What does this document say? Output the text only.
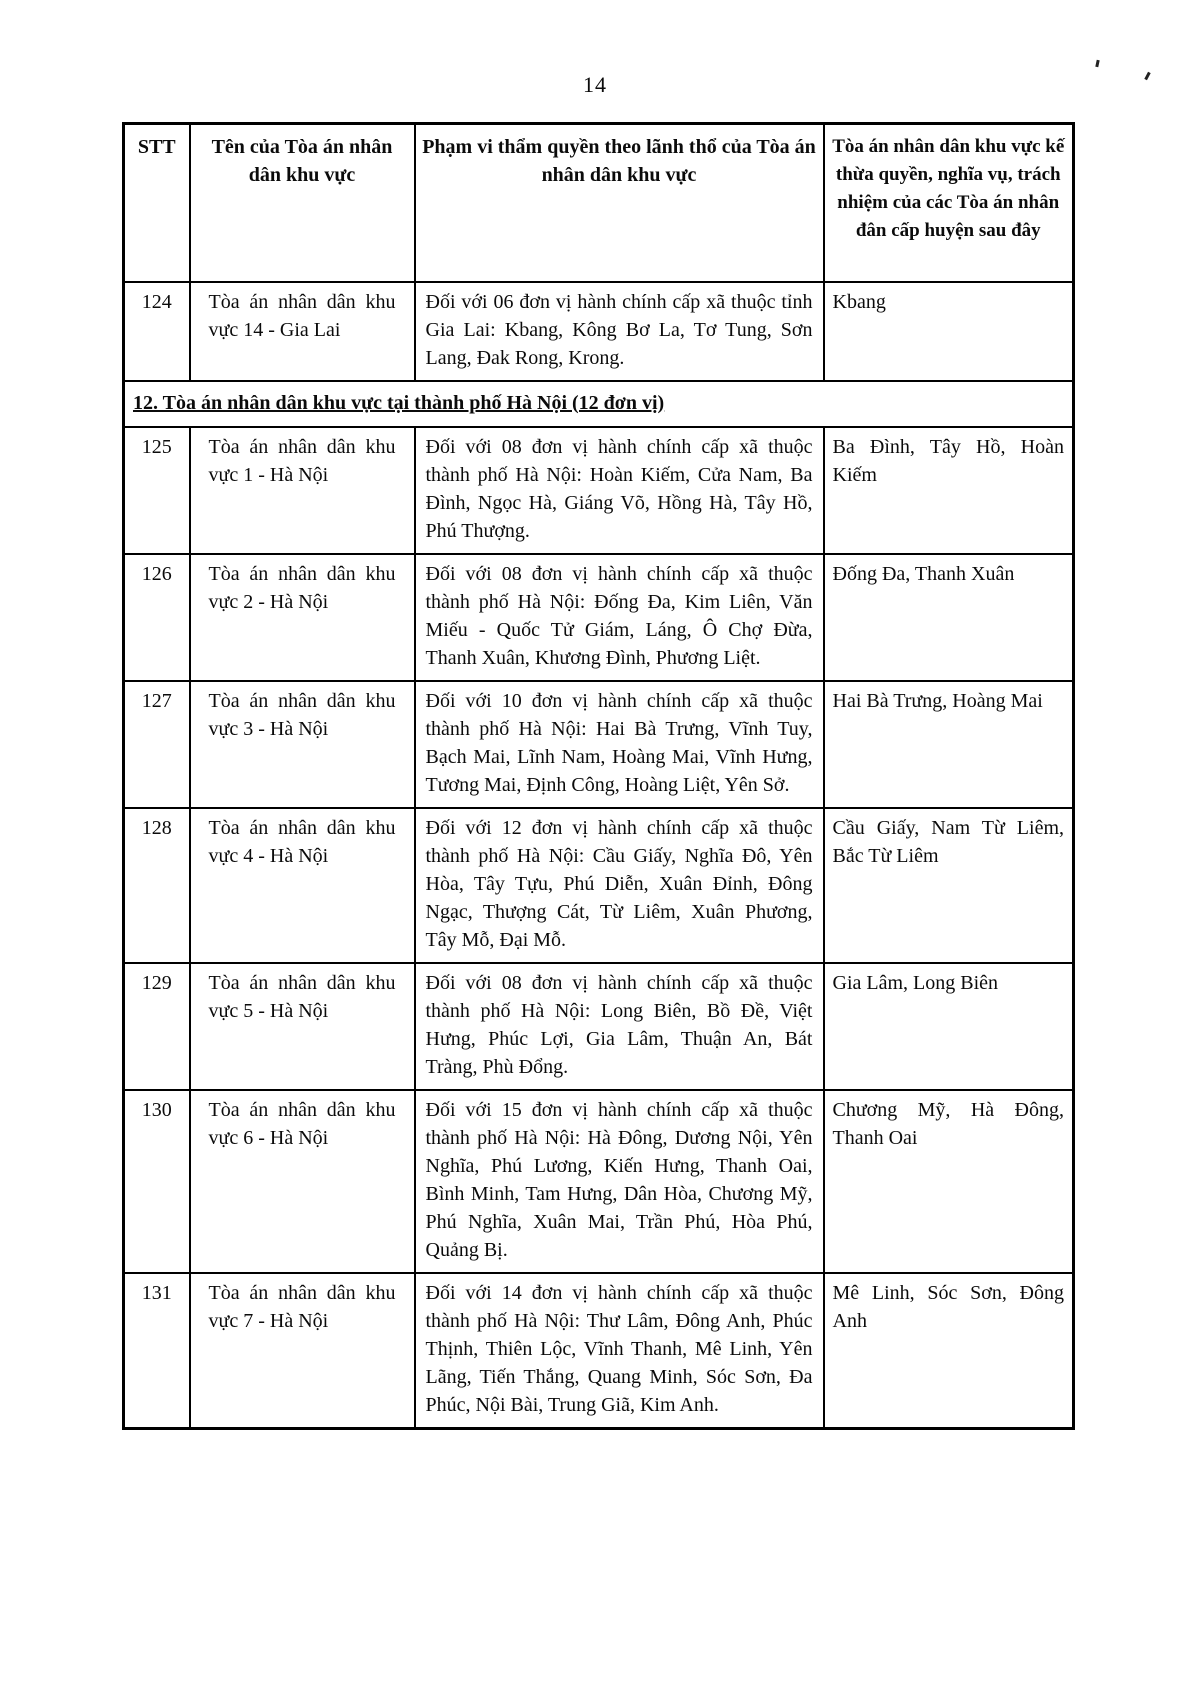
14
STT	Tên của Tòa án nhân dân khu vực	Phạm vi thẩm quyền theo lãnh thổ của Tòa án nhân dân khu vực	Tòa án nhân dân khu vực kế thừa quyền, nghĩa vụ, trách nhiệm của các Tòa án nhân đân cấp huyện sau đây
124	Tòa án nhân dân khu vực 14 - Gia Lai	Đối với 06 đơn vị hành chính cấp xã thuộc tỉnh Gia Lai: Kbang, Kông Bơ La, Tơ Tung, Sơn Lang, Đak Rong, Krong.	Kbang
12. Tòa án nhân dân khu vực tại thành phố Hà Nội (12 đơn vị)			
125	Tòa án nhân dân khu vực 1 - Hà Nội	Đối với 08 đơn vị hành chính cấp xã thuộc thành phố Hà Nội: Hoàn Kiếm, Cửa Nam, Ba Đình, Ngọc Hà, Giáng Võ, Hồng Hà, Tây Hồ, Phú Thượng.	Ba Đình, Tây Hồ, Hoàn Kiếm
126	Tòa án nhân dân khu vực 2 - Hà Nội	Đối với 08 đơn vị hành chính cấp xã thuộc thành phố Hà Nội: Đống Đa, Kim Liên, Văn Miếu - Quốc Tử Giám, Láng, Ô Chợ Đừa, Thanh Xuân, Khương Đình, Phương Liệt.	Đống Đa, Thanh Xuân
127	Tòa án nhân dân khu vực 3 - Hà Nội	Đối với 10 đơn vị hành chính cấp xã thuộc thành phố Hà Nội: Hai Bà Trưng, Vĩnh Tuy, Bạch Mai, Lĩnh Nam, Hoàng Mai, Vĩnh Hưng, Tương Mai, Định Công, Hoàng Liệt, Yên Sở.	Hai Bà Trưng, Hoàng Mai
128	Tòa án nhân dân khu vực 4 - Hà Nội	Đối với 12 đơn vị hành chính cấp xã thuộc thành phố Hà Nội: Cầu Giấy, Nghĩa Đô, Yên Hòa, Tây Tựu, Phú Diễn, Xuân Đỉnh, Đông Ngạc, Thượng Cát, Từ Liêm, Xuân Phương, Tây Mỗ, Đại Mỗ.	Cầu Giấy, Nam Từ Liêm, Bắc Từ Liêm
129	Tòa án nhân dân khu vực 5 - Hà Nội	Đối với 08 đơn vị hành chính cấp xã thuộc thành phố Hà Nội: Long Biên, Bồ Đề, Việt Hưng, Phúc Lợi, Gia Lâm, Thuận An, Bát Tràng, Phù Đổng.	Gia Lâm, Long Biên
130	Tòa án nhân dân khu vực 6 - Hà Nội	Đối với 15 đơn vị hành chính cấp xã thuộc thành phố Hà Nội: Hà Đông, Dương Nội, Yên Nghĩa, Phú Lương, Kiến Hưng, Thanh Oai, Bình Minh, Tam Hưng, Dân Hòa, Chương Mỹ, Phú Nghĩa, Xuân Mai, Trần Phú, Hòa Phú, Quảng Bị.	Chương Mỹ, Hà Đông, Thanh Oai
131	Tòa án nhân dân khu vực 7 - Hà Nội	Đối với 14 đơn vị hành chính cấp xã thuộc thành phố Hà Nội: Thư Lâm, Đông Anh, Phúc Thịnh, Thiên Lộc, Vĩnh Thanh, Mê Linh, Yên Lãng, Tiến Thắng, Quang Minh, Sóc Sơn, Đa Phúc, Nội Bài, Trung Giã, Kim Anh.	Mê Linh, Sóc Sơn, Đông Anh
